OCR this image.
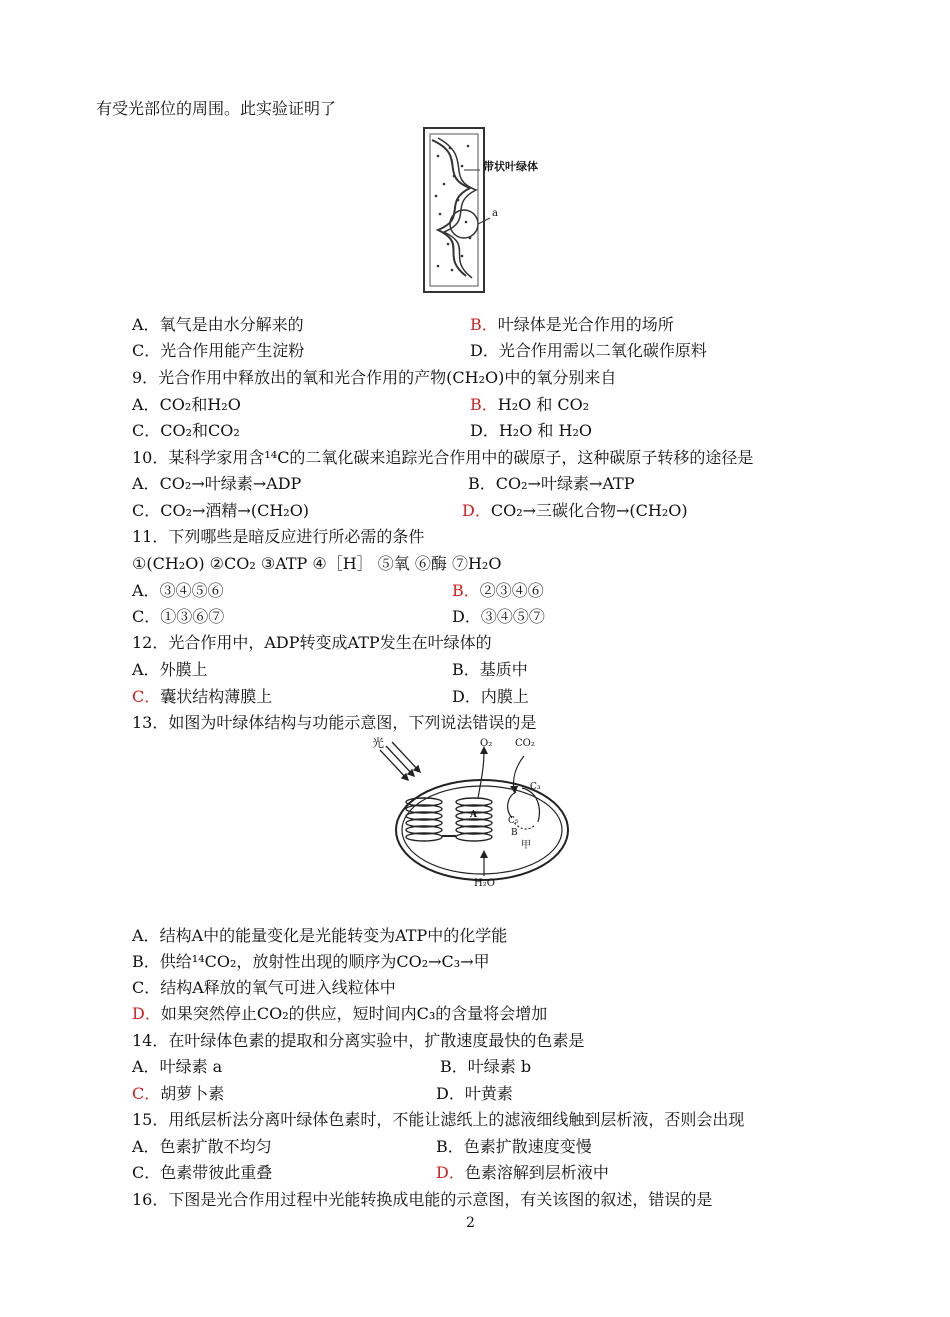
有受光部位的周围。此实验证明了
带状叶绿体
a
A．氧气是由水分解来的	B．叶绿体是光合作用的场所
C．光合作用能产生淀粉	D．光合作用需以二氧化碳作原料
9．光合作用中释放出的氧和光合作用的产物(CH₂O)中的氧分别来自
A．CO₂和H₂O	B．H₂O 和 CO₂
C．CO₂和CO₂	D．H₂O 和 H₂O
10．某科学家用含¹⁴C的二氧化碳来追踪光合作用中的碳原子，这种碳原子转移的途径是
A．CO₂→叶绿素→ADP	B．CO₂→叶绿素→ATP
C．CO₂→酒精→(CH₂O)	D．CO₂→三碳化合物→(CH₂O)
11．下列哪些是暗反应进行所必需的条件
①(CH₂O) ②CO₂ ③ATP ④［H］ ⑤氧 ⑥酶 ⑦H₂O
A．③④⑤⑥	B．②③④⑥
C．①③⑥⑦	D．③④⑤⑦
12．光合作用中，ADP转变成ATP发生在叶绿体的
A．外膜上	B．基质中
C．囊状结构薄膜上	D．内膜上
13．如图为叶绿体结构与功能示意图，下列说法错误的是
光	O₂ CO₂
C₃
C₅
A
B
甲
H₂O
A．结构A中的能量变化是光能转变为ATP中的化学能
B．供给¹⁴CO₂，放射性出现的顺序为CO₂→C₃→甲
C．结构A释放的氧气可进入线粒体中
D．如果突然停止CO₂的供应，短时间内C₃的含量将会增加
14．在叶绿体色素的提取和分离实验中，扩散速度最快的色素是
A．叶绿素 a	B．叶绿素 b
C．胡萝卜素	D．叶黄素
15．用纸层析法分离叶绿体色素时，不能让滤纸上的滤液细线触到层析液，否则会出现
A．色素扩散不均匀	B．色素扩散速度变慢
C．色素带彼此重叠	D．色素溶解到层析液中
16．下图是光合作用过程中光能转换成电能的示意图，有关该图的叙述，错误的是
2
